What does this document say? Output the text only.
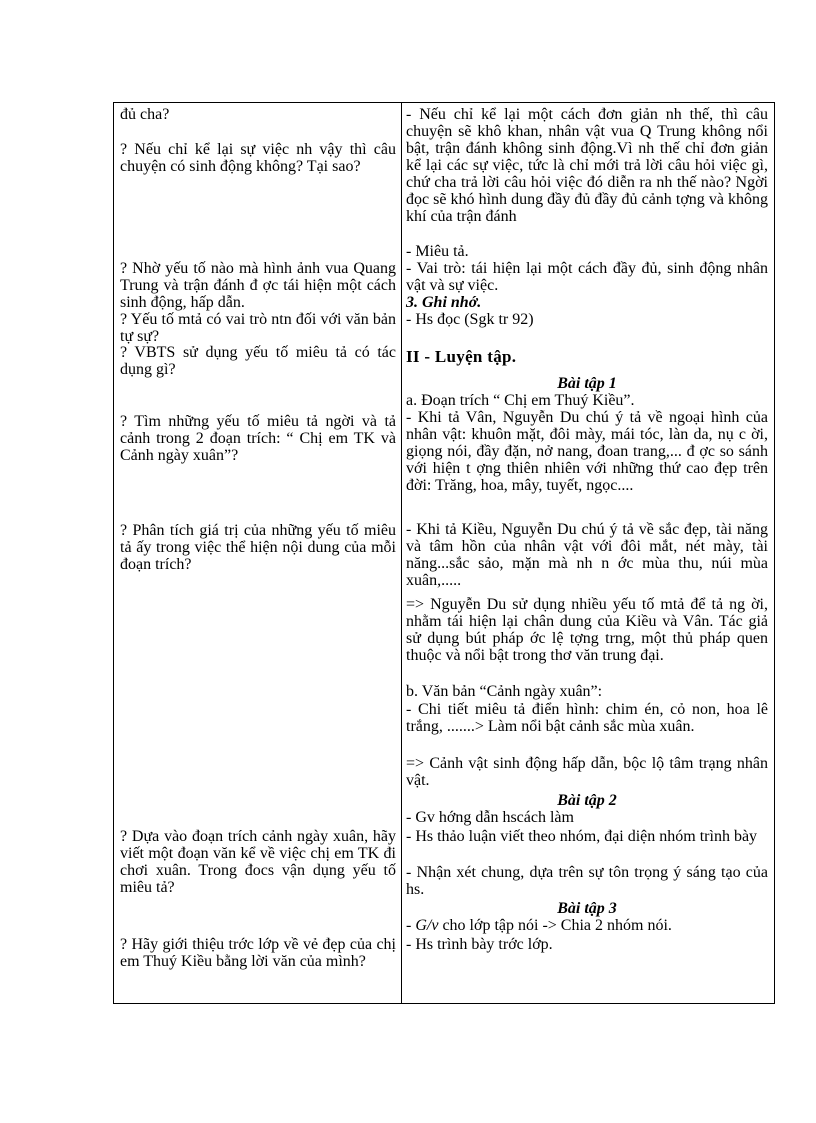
đủ cha?
? Nếu chỉ kể lại sự việc nh vậy thì câu chuyện có sinh động không? Tại sao?
? Nhờ yếu tố nào mà hình ảnh vua Quang Trung và trận đánh đ ợc tái hiện một cách sinh động, hấp dẫn.
? Yếu tố mtả có vai trò ntn đối với văn bản tự sự?
? VBTS sử dụng yếu tố miêu tả có tác dụng gì?
? Tìm những yếu tố miêu tả ngời và tả cảnh trong 2 đoạn trích: “ Chị em TK và Cảnh ngày xuân”?
? Phân tích giá trị của những yếu tố miêu tả ấy trong việc thể hiện nội dung của mỗi đoạn trích?
? Dựa vào đoạn trích cảnh ngày xuân, hãy viết một đoạn văn kể về việc chị em TK đi chơi xuân. Trong đocs vận dụng yếu tố miêu tả?
? Hãy giới thiệu trớc lớp về vẻ đẹp của chị em Thuý Kiều bằng lời văn của mình?
- Nếu chỉ kể lại một cách đơn giản nh thế, thì câu chuyện sẽ khô khan, nhân vật vua Q Trung không nổi bật, trận đánh không sinh động.Vì nh thế chỉ đơn giản kể lại các sự việc, tức là chỉ mới trả lời câu hỏi việc gì, chứ cha trả lời câu hỏi việc đó diễn ra nh thế nào? Ngời đọc sẽ khó hình dung đầy đủ đầy đủ cảnh tợng và không khí của trận đánh
- Miêu tả.
- Vai trò: tái hiện lại một cách đầy đủ, sinh động nhân vật và sự việc.
3. Ghi nhớ.
- Hs đọc (Sgk tr 92)
II - Luyện tập.
Bài tập 1
a. Đoạn trích “ Chị em Thuý Kiều”.
- Khi tả Vân, Nguyễn Du chú ý tả về ngoại hình của nhân vật: khuôn mặt, đôi mày, mái tóc, làn da, nụ c ời, giọng nói, đầy đặn, nở nang, đoan trang,... đ ợc so sánh với hiện t ợng thiên nhiên với những thứ cao đẹp trên đời: Trăng, hoa, mây, tuyết, ngọc....
- Khi tả Kiều, Nguyễn Du chú ý tả về sắc đẹp, tài năng và tâm hồn của nhân vật với đôi mắt, nét mày, tài năng...sắc sảo, mặn mà nh n ớc mùa thu, núi mùa xuân,.....
=> Nguyễn Du sử dụng nhiều yếu tố mtả để tả ng ời, nhằm tái hiện lại chân dung của Kiều và Vân. Tác giả sử dụng bút pháp ớc lệ tợng trng, một thủ pháp quen thuộc và nổi bật trong thơ văn trung đại.
b. Văn bản “Cảnh ngày xuân”:
- Chi tiết miêu tả điển hình: chim én, cỏ non, hoa lê trắng, .......> Làm nổi bật cảnh sắc mùa xuân.
=> Cảnh vật sinh động hấp dẫn, bộc lộ tâm trạng nhân vật.
Bài tập 2
- Gv hớng dẫn hscách làm
- Hs thảo luận viết theo nhóm, đại diện nhóm trình bày
- Nhận xét chung, dựa trên sự tôn trọng ý sáng tạo của hs.
Bài tập 3
- G/v cho lớp tập nói -> Chia 2 nhóm nói.
- Hs trình bày trớc lớp.
